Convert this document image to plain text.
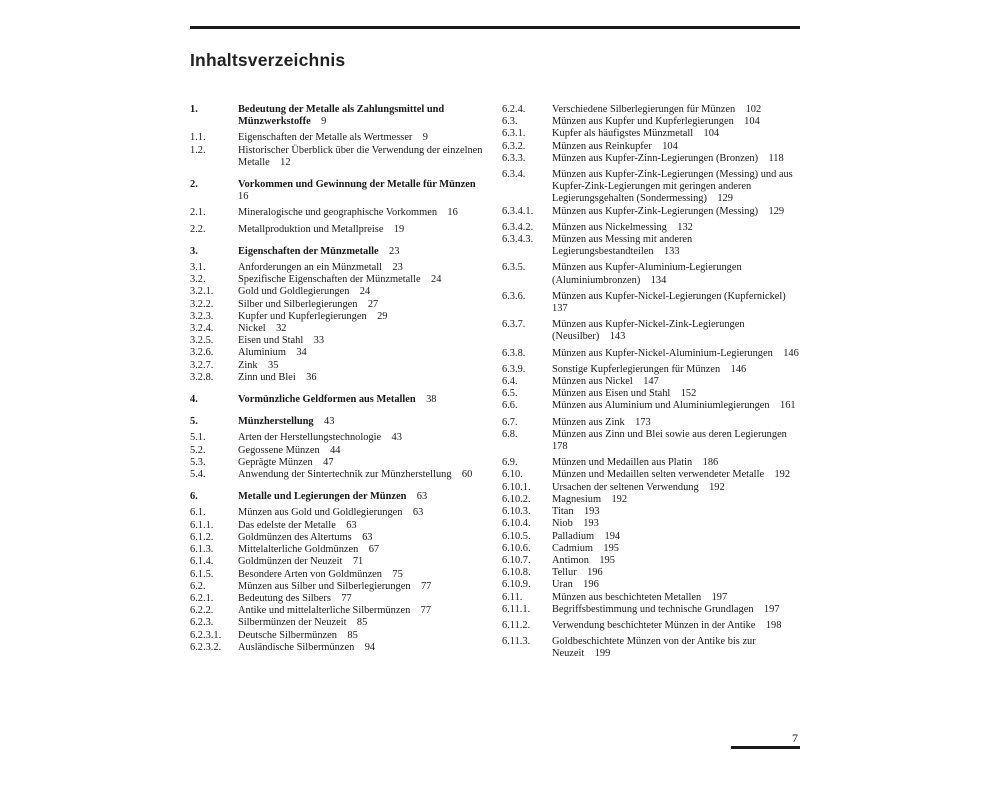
Inhaltsverzeichnis
1.	Bedeutung der Metalle als Zahlungsmittel und Münzwerkstoffe   9
1.1.	Eigenschaften der Metalle als Wertmesser   9
1.2.	Historischer Überblick über die Verwendung der einzelnen Metalle   12
2.	Vorkommen und Gewinnung der Metalle für Münzen  16
2.1.	Mineralogische und geographische Vorkommen   16
2.2.	Metallproduktion und Metallpreise   19
3.	Eigenschaften der Münzmetalle   23
3.1.	Anforderungen an ein Münzmetall   23
3.2.	Spezifische Eigenschaften der Münzmetalle   24
3.2.1.	Gold und Goldlegierungen   24
3.2.2.	Silber und Silberlegierungen   27
3.2.3.	Kupfer und Kupferlegierungen   29
3.2.4.	Nickel   32
3.2.5.	Eisen und Stahl   33
3.2.6.	Aluminium   34
3.2.7.	Zink   35
3.2.8.	Zinn und Blei   36
4.	Vormünzliche Geldformen aus Metallen   38
5.	Münzherstellung   43
5.1.	Arten der Herstellungstechnologie   43
5.2.	Gegossene Münzen   44
5.3.	Geprägte Münzen   47
5.4.	Anwendung der Sintertechnik zur Münzherstellung   60
6.	Metalle und Legierungen der Münzen   63
6.1.	Münzen aus Gold und Goldlegierungen   63
6.1.1.	Das edelste der Metalle   63
6.1.2.	Goldmünzen des Altertums   63
6.1.3.	Mittelalterliche Goldmünzen   67
6.1.4.	Goldmünzen der Neuzeit   71
6.1.5.	Besondere Arten von Goldmünzen   75
6.2.	Münzen aus Silber und Silberlegierungen   77
6.2.1.	Bedeutung des Silbers   77
6.2.2.	Antike und mittelalterliche Silbermünzen   77
6.2.3.	Silbermünzen der Neuzeit   85
6.2.3.1.	Deutsche Silbermünzen   85
6.2.3.2.	Ausländische Silbermünzen   94
6.2.4.	Verschiedene Silberlegierungen für Münzen   102
6.3.	Münzen aus Kupfer und Kupferlegierungen   104
6.3.1.	Kupfer als häufigstes Münzmetall   104
6.3.2.	Münzen aus Reinkupfer   104
6.3.3.	Münzen aus Kupfer-Zinn-Legierungen (Bronzen)   118
6.3.4.	Münzen aus Kupfer-Zink-Legierungen (Messing) und aus Kupfer-Zink-Legierungen mit geringen anderen Legierungsgehalten (Sondermessing)   129
6.3.4.1.	Münzen aus Kupfer-Zink-Legierungen (Messing)   129
6.3.4.2.	Münzen aus Nickelmessing   132
6.3.4.3.	Münzen aus Messing mit anderen Legierungsbestandteilen   133
6.3.5.	Münzen aus Kupfer-Aluminium-Legierungen (Aluminiumbronzen)   134
6.3.6.	Münzen aus Kupfer-Nickel-Legierungen (Kupfernickel)  137
6.3.7.	Münzen aus Kupfer-Nickel-Zink-Legierungen (Neusilber)   143
6.3.8.	Münzen aus Kupfer-Nickel-Aluminium-Legierungen   146
6.3.9.	Sonstige Kupferlegierungen für Münzen   146
6.4.	Münzen aus Nickel   147
6.5.	Münzen aus Eisen und Stahl   152
6.6.	Münzen aus Aluminium und Aluminiumlegierungen   161
6.7.	Münzen aus Zink   173
6.8.	Münzen aus Zinn und Blei sowie aus deren Legierungen  178
6.9.	Münzen und Medaillen aus Platin   186
6.10.	Münzen und Medaillen selten verwendeter Metalle   192
6.10.1.	Ursachen der seltenen Verwendung   192
6.10.2.	Magnesium   192
6.10.3.	Titan   193
6.10.4.	Niob   193
6.10.5.	Palladium   194
6.10.6.	Cadmium   195
6.10.7.	Antimon   195
6.10.8.	Tellur   196
6.10.9.	Uran   196
6.11.	Münzen aus beschichteten Metallen   197
6.11.1.	Begriffsbestimmung und technische Grundlagen   197
6.11.2.	Verwendung beschichteter Münzen in der Antike   198
6.11.3.	Goldbeschichtete Münzen von der Antike bis zur Neuzeit   199
7
